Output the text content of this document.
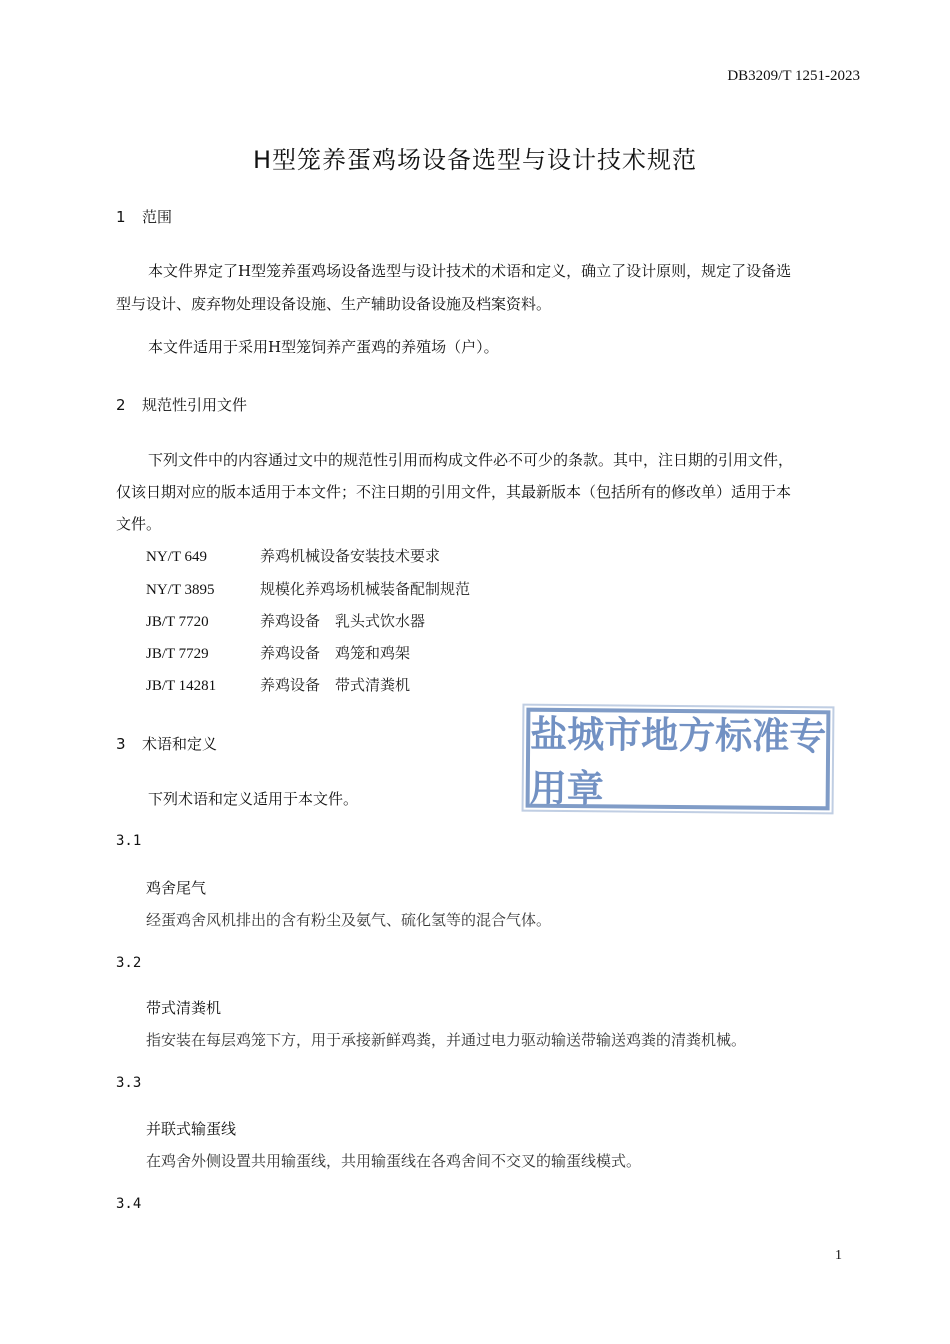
DB3209/T 1251-2023
H型笼养蛋鸡场设备选型与设计技术规范
1 范围
本文件界定了H型笼养蛋鸡场设备选型与设计技术的术语和定义，确立了设计原则，规定了设备选
型与设计、废弃物处理设备设施、生产辅助设备设施及档案资料。
本文件适用于采用H型笼饲养产蛋鸡的养殖场（户）。
2 规范性引用文件
下列文件中的内容通过文中的规范性引用而构成文件必不可少的条款。其中，注日期的引用文件，
仅该日期对应的版本适用于本文件；不注日期的引用文件，其最新版本（包括所有的修改单）适用于本
文件。
NY/T 649	养鸡机械设备安装技术要求
NY/T 3895	规模化养鸡场机械装备配制规范
JB/T 7720	养鸡设备　乳头式饮水器
JB/T 7729	养鸡设备　鸡笼和鸡架
JB/T 14281	养鸡设备　带式清粪机
3 术语和定义
下列术语和定义适用于本文件。
盐城市地方标准专用章
3.1
鸡舍尾气
经蛋鸡舍风机排出的含有粉尘及氨气、硫化氢等的混合气体。
3.2
带式清粪机
指安装在每层鸡笼下方，用于承接新鲜鸡粪，并通过电力驱动输送带输送鸡粪的清粪机械。
3.3
并联式输蛋线
在鸡舍外侧设置共用输蛋线，共用输蛋线在各鸡舍间不交叉的输蛋线模式。
3.4
1
